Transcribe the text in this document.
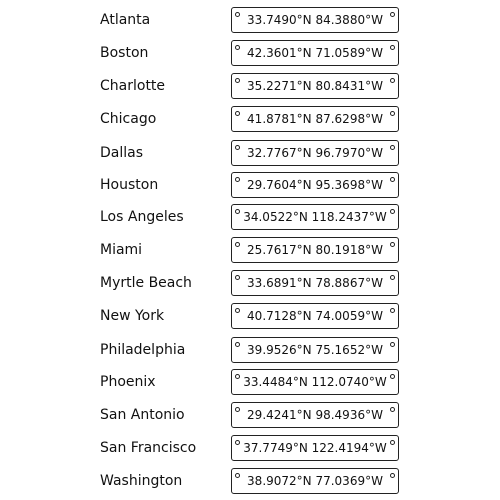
Atlanta	33.7490°N 84.3880°W
Boston	42.3601°N 71.0589°W
Charlotte	35.2271°N 80.8431°W
Chicago	41.8781°N 87.6298°W
Dallas	32.7767°N 96.7970°W
Houston	29.7604°N 95.3698°W
Los Angeles	34.0522°N 118.2437°W
Miami	25.7617°N 80.1918°W
Myrtle Beach	33.6891°N 78.8867°W
New York	40.7128°N 74.0059°W
Philadelphia	39.9526°N 75.1652°W
Phoenix	33.4484°N 112.0740°W
San Antonio	29.4241°N 98.4936°W
San Francisco	37.7749°N 122.4194°W
Washington	38.9072°N 77.0369°W
